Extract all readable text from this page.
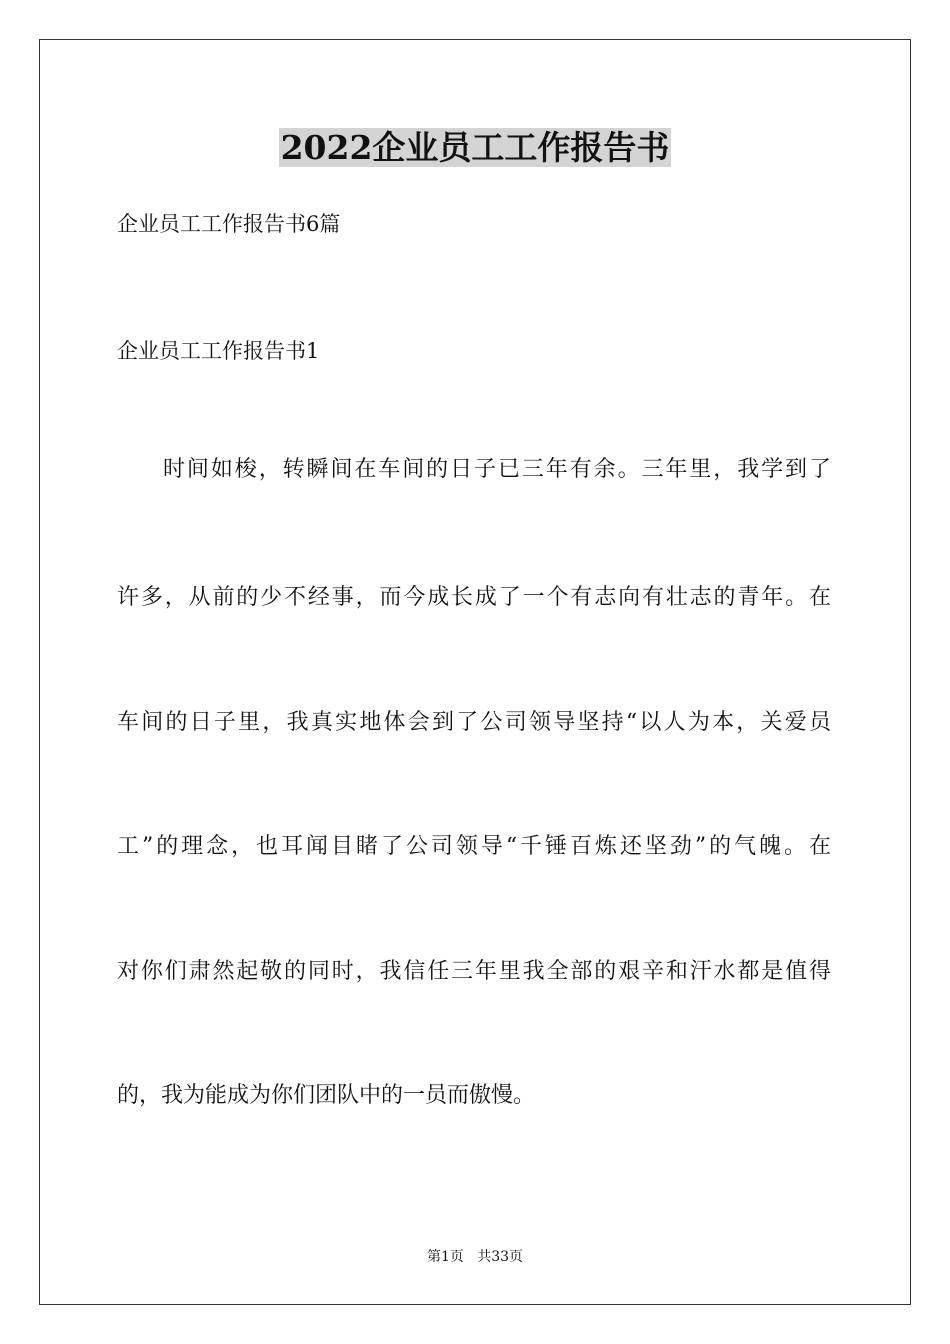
2022企业员工工作报告书
企业员工工作报告书6篇
企业员工工作报告书1
时间如梭，转瞬间在车间的日子已三年有余。三年里，我学到了
许多，从前的少不经事，而今成长成了一个有志向有壮志的青年。在
车间的日子里，我真实地体会到了公司领导坚持“以人为本，关爱员
工”的理念，也耳闻目睹了公司领导“千锤百炼还坚劲”的气魄。在
对你们肃然起敬的同时，我信任三年里我全部的艰辛和汗水都是值得
的，我为能成为你们团队中的一员而傲慢。
第1页   共33页
